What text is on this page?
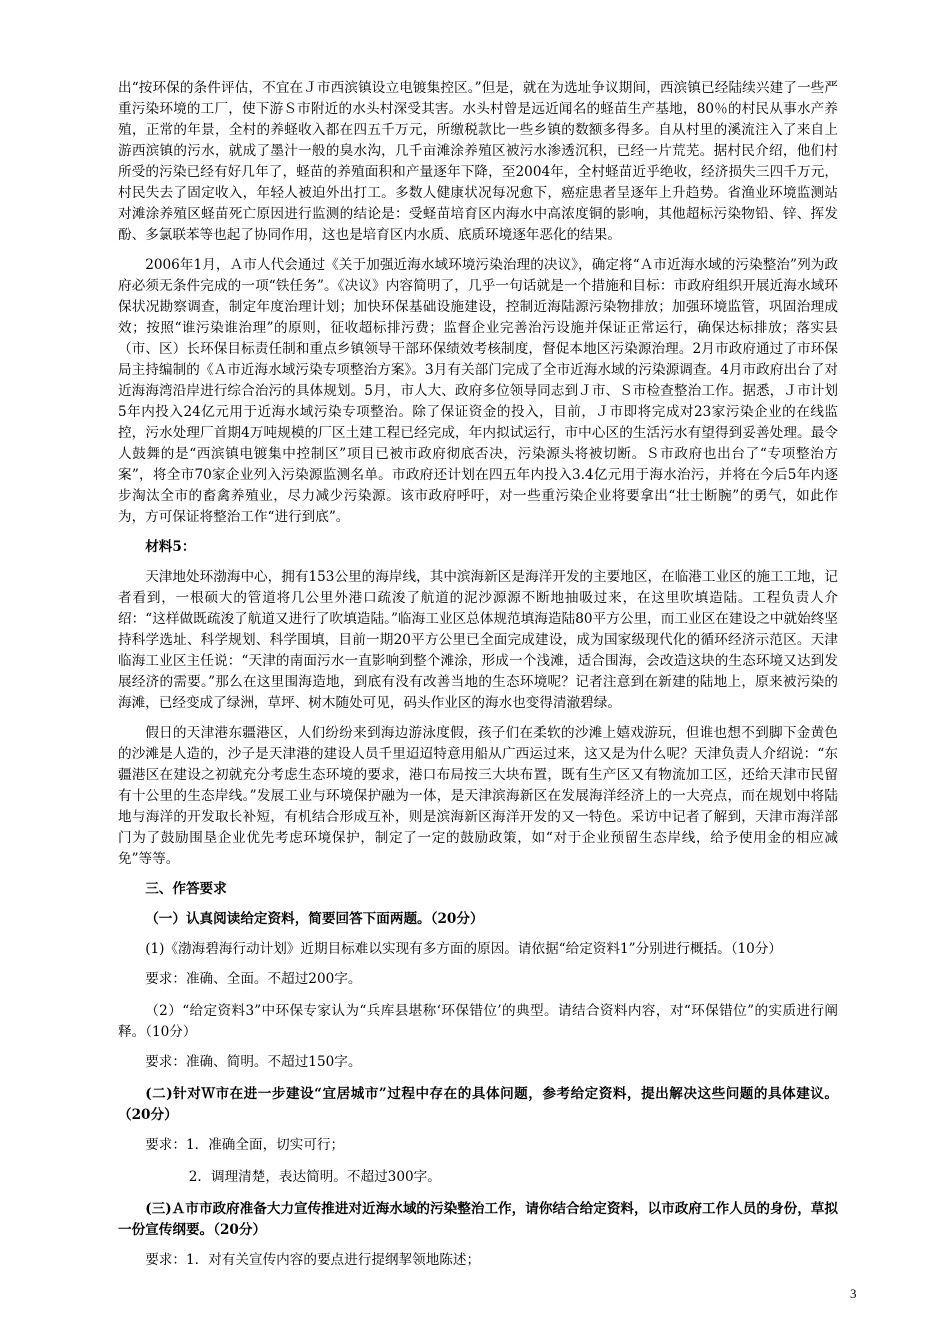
出“按环保的条件评估，不宜在Ｊ市西滨镇设立电镀集控区。”但是，就在为选址争议期间，西滨镇已经陆续兴建了一些严重污染环境的工厂，使下游Ｓ市附近的水头村深受其害。水头村曾是远近闻名的蛏苗生产基地，80％的村民从事水产养殖，正常的年景，全村的养蛏收入都在四五千万元，所缴税款比一些乡镇的数额多得多。自从村里的溪流注入了来自上游西滨镇的污水，就成了墨汁一般的臭水沟，几千亩滩涂养殖区被污水渗透沉积，已经一片荒芜。据村民介绍，他们村所受的污染已经有好几年了，蛏苗的养殖面积和产量逐年下降，至2004年，全村蛏苗近乎绝收，经济损失三四千万元，村民失去了固定收入，年轻人被迫外出打工。多数人健康状况每况愈下，癌症患者呈逐年上升趋势。省渔业环境监测站对滩涂养殖区蛏苗死亡原因进行监测的结论是：受蛏苗培育区内海水中高浓度铜的影响，其他超标污染物铅、锌、挥发酚、多氯联苯等也起了协同作用，这也是培育区内水质、底质环境逐年恶化的结果。

2006年1月，Ａ市人代会通过《关于加强近海水域环境污染治理的决议》，确定将“Ａ市近海水域的污染整治”列为政府必须无条件完成的一项“铁任务”。《决议》内容简明了，几乎一句话就是一个措施和目标：市政府组织开展近海水域环保状况勘察调查，制定年度治理计划；加快环保基础设施建设，控制近海陆源污染物排放；加强环境监管，巩固治理成效；按照“谁污染谁治理”的原则，征收超标排污费；监督企业完善治污设施并保证正常运行，确保达标排放；落实县（市、区）长环保目标责任制和重点乡镇领导干部环保绩效考核制度，督促本地区污染源治理。2月市政府通过了市环保局主持编制的《Ａ市近海水域污染专项整治方案》。3月有关部门完成了全市近海水域的污染源调查。4月市政府出台了对近海海湾沿岸进行综合治污的具体规划。5月，市人大、政府多位领导同志到Ｊ市、Ｓ市检查整治工作。据悉，Ｊ市计划5年内投入24亿元用于近海水域污染专项整治。除了保证资金的投入，目前，Ｊ市即将完成对23家污染企业的在线监控，污水处理厂首期4万吨规模的厂区土建工程已经完成，年内拟试运行，市中心区的生活污水有望得到妥善处理。最令人鼓舞的是“西滨镇电镀集中控制区”项目已被市政府彻底否决，污染源头将被切断。Ｓ市政府也出台了“专项整治方案”，将全市70家企业列入污染源监测名单。市政府还计划在四五年内投入3.4亿元用于海水治污，并将在今后5年内逐步淘汰全市的畜禽养殖业，尽力减少污染源。该市政府呼吁，对一些重污染企业将要拿出“壮士断腕”的勇气，如此作为，方可保证将整治工作“进行到底”。

材料5：

天津地处环渤海中心，拥有153公里的海岸线，其中滨海新区是海洋开发的主要地区，在临港工业区的施工工地，记者看到，一根硕大的管道将几公里外港口疏浚了航道的泥沙源源不断地抽吸过来，在这里吹填造陆。工程负责人介绍：“这样做既疏浚了航道又进行了吹填造陆。”临海工业区总体规范填海造陆80平方公里，而工业区在建设之中就始终坚持科学选址、科学规划、科学围填，目前一期20平方公里已全面完成建设，成为国家级现代化的循环经济示范区。天津临海工业区主任说：“天津的南面污水一直影响到整个滩涂，形成一个浅滩，适合围海，会改造这块的生态环境又达到发展经济的需要。”那么在这里围海造地，到底有没有改善当地的生态环境呢？记者注意到在新建的陆地上，原来被污染的海滩，已经变成了绿洲，草坪、树木随处可见，码头作业区的海水也变得清澈碧绿。

假日的天津港东疆港区，人们纷纷来到海边游泳度假，孩子们在柔软的沙滩上嬉戏游玩，但谁也想不到脚下金黄色的沙滩是人造的，沙子是天津港的建设人员千里迢迢特意用船从广西运过来，这又是为什么呢？天津负责人介绍说：“东疆港区在建设之初就充分考虑生态环境的要求，港口布局按三大块布置，既有生产区又有物流加工区，还给天津市民留有十公里的生态岸线。”发展工业与环境保护融为一体，是天津滨海新区在发展海洋经济上的一大亮点，而在规划中将陆地与海洋的开发取长补短，有机结合形成互补，则是滨海新区海洋开发的又一特色。采访中记者了解到，天津市海洋部门为了鼓励围垦企业优先考虑环境保护，制定了一定的鼓励政策，如“对于企业预留生态岸线，给予使用金的相应减免”等等。

三、作答要求

（一）认真阅读给定资料，简要回答下面两题。（20分）

(1)《渤海碧海行动计划》近期目标难以实现有多方面的原因。请依据“给定资料1”分别进行概括。（10分）

要求：准确、全面。不超过200字。

（2）“给定资料3”中环保专家认为“兵库县堪称‘环保错位’的典型。请结合资料内容，对“环保错位”的实质进行阐释。（10分）

要求：准确、简明。不超过150字。

(二)针对Ｗ市在进一步建设“宜居城市”过程中存在的具体问题，参考给定资料，提出解决这些问题的具体建议。（20分）

要求：1．准确全面，切实可行；

2．调理清楚，表达简明。不超过300字。

(三)Ａ市市政府准备大力宣传推进对近海水域的污染整治工作，请你结合给定资料，以市政府工作人员的身份，草拟一份宣传纲要。（20分）

要求：1．对有关宣传内容的要点进行提纲挈领地陈述；

3
